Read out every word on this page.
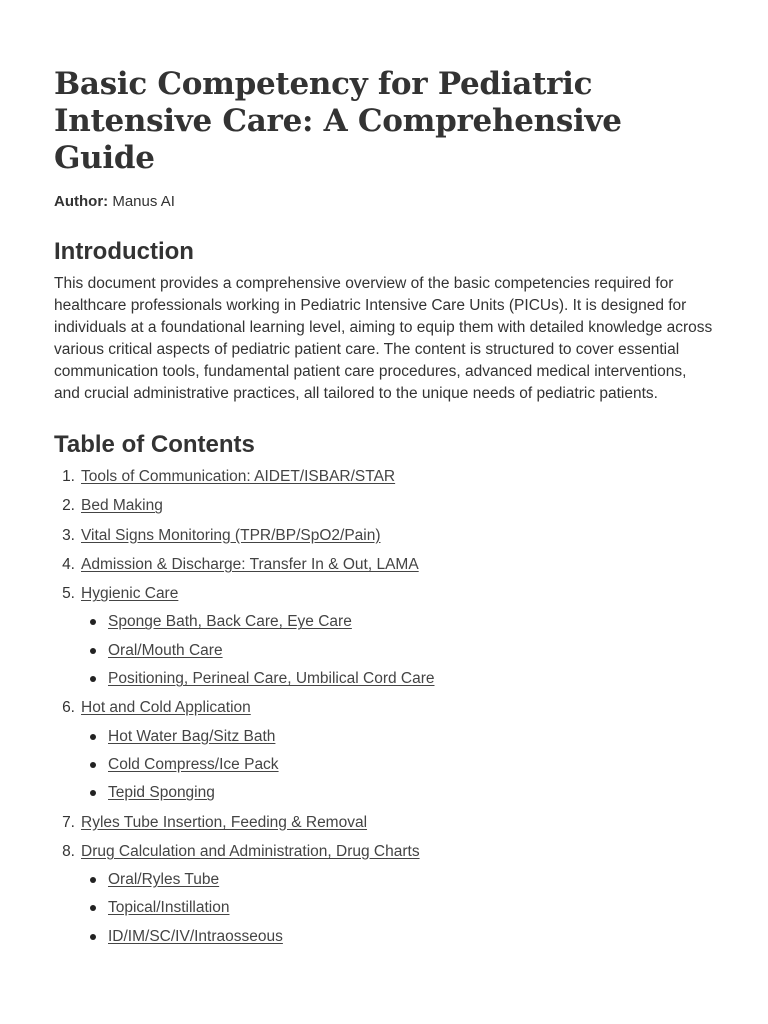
Basic Competency for Pediatric Intensive Care: A Comprehensive Guide

Author: Manus AI

Introduction

This document provides a comprehensive overview of the basic competencies required for healthcare professionals working in Pediatric Intensive Care Units (PICUs). It is designed for individuals at a foundational learning level, aiming to equip them with detailed knowledge across various critical aspects of pediatric patient care. The content is structured to cover essential communication tools, fundamental patient care procedures, advanced medical interventions, and crucial administrative practices, all tailored to the unique needs of pediatric patients.

Table of Contents
1. Tools of Communication: AIDET/ISBAR/STAR
2. Bed Making
3. Vital Signs Monitoring (TPR/BP/SpO2/Pain)
4. Admission & Discharge: Transfer In & Out, LAMA
5. Hygienic Care
Sponge Bath, Back Care, Eye Care
Oral/Mouth Care
Positioning, Perineal Care, Umbilical Cord Care
6. Hot and Cold Application
Hot Water Bag/Sitz Bath
Cold Compress/Ice Pack
Tepid Sponging
7. Ryles Tube Insertion, Feeding & Removal
8. Drug Calculation and Administration, Drug Charts
Oral/Ryles Tube
Topical/Instillation
ID/IM/SC/IV/Intraosseous
